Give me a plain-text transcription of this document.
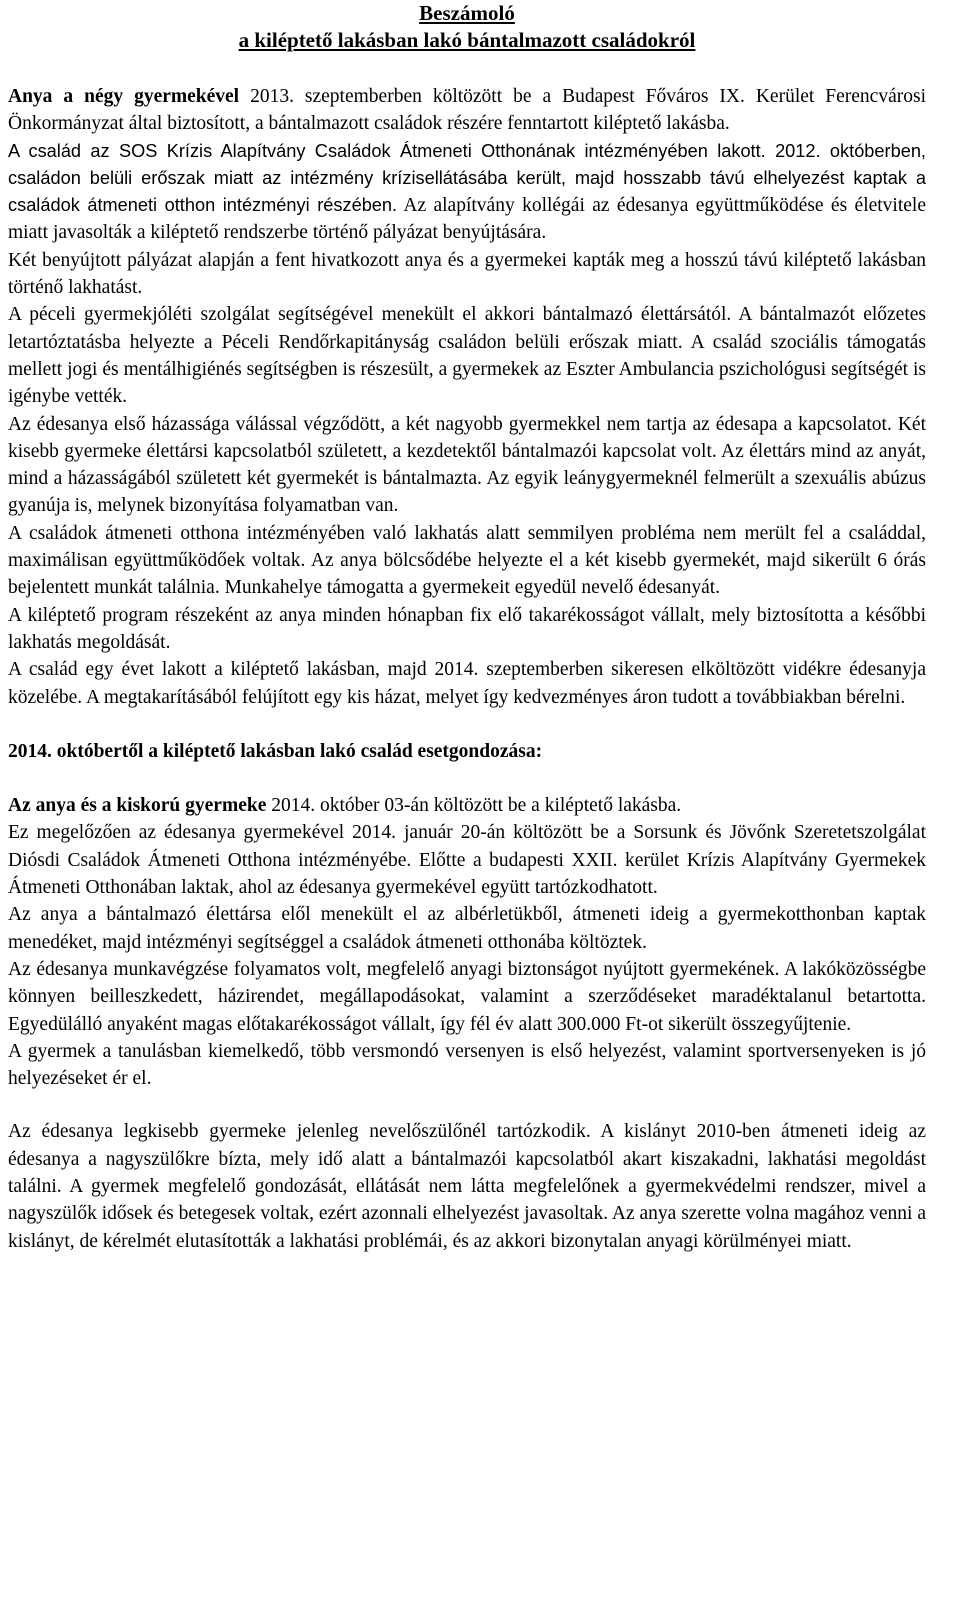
Beszámoló
a kiléptető lakásban lakó bántalmazott családokról

Anya a négy gyermekével 2013. szeptemberben költözött be a Budapest Főváros IX. Kerület Ferencvárosi Önkormányzat által biztosított, a bántalmazott családok részére fenntartott kiléptető lakásba.

A család az SOS Krízis Alapítvány Családok Átmeneti Otthonának intézményében lakott. 2012. októberben, családon belüli erőszak miatt az intézmény krízisellátásába került, majd hosszabb távú elhelyezést kaptak a családok átmeneti otthon intézményi részében. Az alapítvány kollégái az édesanya együttműködése és életvitele miatt javasolták a kiléptető rendszerbe történő pályázat benyújtására.

Két benyújtott pályázat alapján a fent hivatkozott anya és a gyermekei kapták meg a hosszú távú kiléptető lakásban történő lakhatást.

A péceli gyermekjóléti szolgálat segítségével menekült el akkori bántalmazó élettársától. A bántalmazót előzetes letartóztatásba helyezte a Péceli Rendőrkapitányság családon belüli erőszak miatt. A család szociális támogatás mellett jogi és mentálhigiénés segítségben is részesült, a gyermekek az Eszter Ambulancia pszichológusi segítségét is igénybe vették.

Az édesanya első házassága válással végződött, a két nagyobb gyermekkel nem tartja az édesapa a kapcsolatot. Két kisebb gyermeke élettársi kapcsolatból született, a kezdetektől bántalmazói kapcsolat volt. Az élettárs mind az anyát, mind a házasságából született két gyermekét is bántalmazta. Az egyik leánygyermeknél felmerült a szexuális abúzus gyanúja is, melynek bizonyítása folyamatban van.

A családok átmeneti otthona intézményében való lakhatás alatt semmilyen probléma nem merült fel a családdal, maximálisan együttműködőek voltak. Az anya bölcsődébe helyezte el a két kisebb gyermekét, majd sikerült 6 órás bejelentett munkát találnia. Munkahelye támogatta a gyermekeit egyedül nevelő édesanyát.

A kiléptető program részeként az anya minden hónapban fix elő takarékosságot vállalt, mely biztosította a későbbi lakhatás megoldását.

A család egy évet lakott a kiléptető lakásban, majd 2014. szeptemberben sikeresen elköltözött vidékre édesanyja közelébe. A megtakarításából felújított egy kis házat, melyet így kedvezményes áron tudott a továbbiakban bérelni.

2014. októbertől a kiléptető lakásban lakó család esetgondozása:

Az anya és a kiskorú gyermeke 2014. október 03-án költözött be a kiléptető lakásba.

Ez megelőzően az édesanya gyermekével 2014. január 20-án költözött be a Sorsunk és Jövőnk Szeretetszolgálat Diósdi Családok Átmeneti Otthona intézményébe. Előtte a budapesti XXII. kerület Krízis Alapítvány Gyermekek Átmeneti Otthonában laktak, ahol az édesanya gyermekével együtt tartózkodhatott.

Az anya a bántalmazó élettársa elől menekült el az albérletükből, átmeneti ideig a gyermekotthonban kaptak menedéket, majd intézményi segítséggel a családok átmeneti otthonába költöztek.

Az édesanya munkavégzése folyamatos volt, megfelelő anyagi biztonságot nyújtott gyermekének. A lakóközösségbe könnyen beilleszkedett, házirendet, megállapodásokat, valamint a szerződéseket maradéktalanul betartotta. Egyedülálló anyaként magas előtakarékosságot vállalt, így fél év alatt 300.000 Ft-ot sikerült összegyűjtenie.

A gyermek a tanulásban kiemelkedő, több versmondó versenyen is első helyezést, valamint sportversenyeken is jó helyezéseket ér el.

Az édesanya legkisebb gyermeke jelenleg nevelőszülőnél tartózkodik. A kislányt 2010-ben átmeneti ideig az édesanya a nagyszülőkre bízta, mely idő alatt a bántalmazói kapcsolatból akart kiszakadni, lakhatási megoldást találni. A gyermek megfelelő gondozását, ellátását nem látta megfelelőnek a gyermekvédelmi rendszer, mivel a nagyszülők idősek és betegesek voltak, ezért azonnali elhelyezést javasoltak. Az anya szerette volna magához venni a kislányt, de kérelmét elutasították a lakhatási problémái, és az akkori bizonytalan anyagi körülményei miatt.
